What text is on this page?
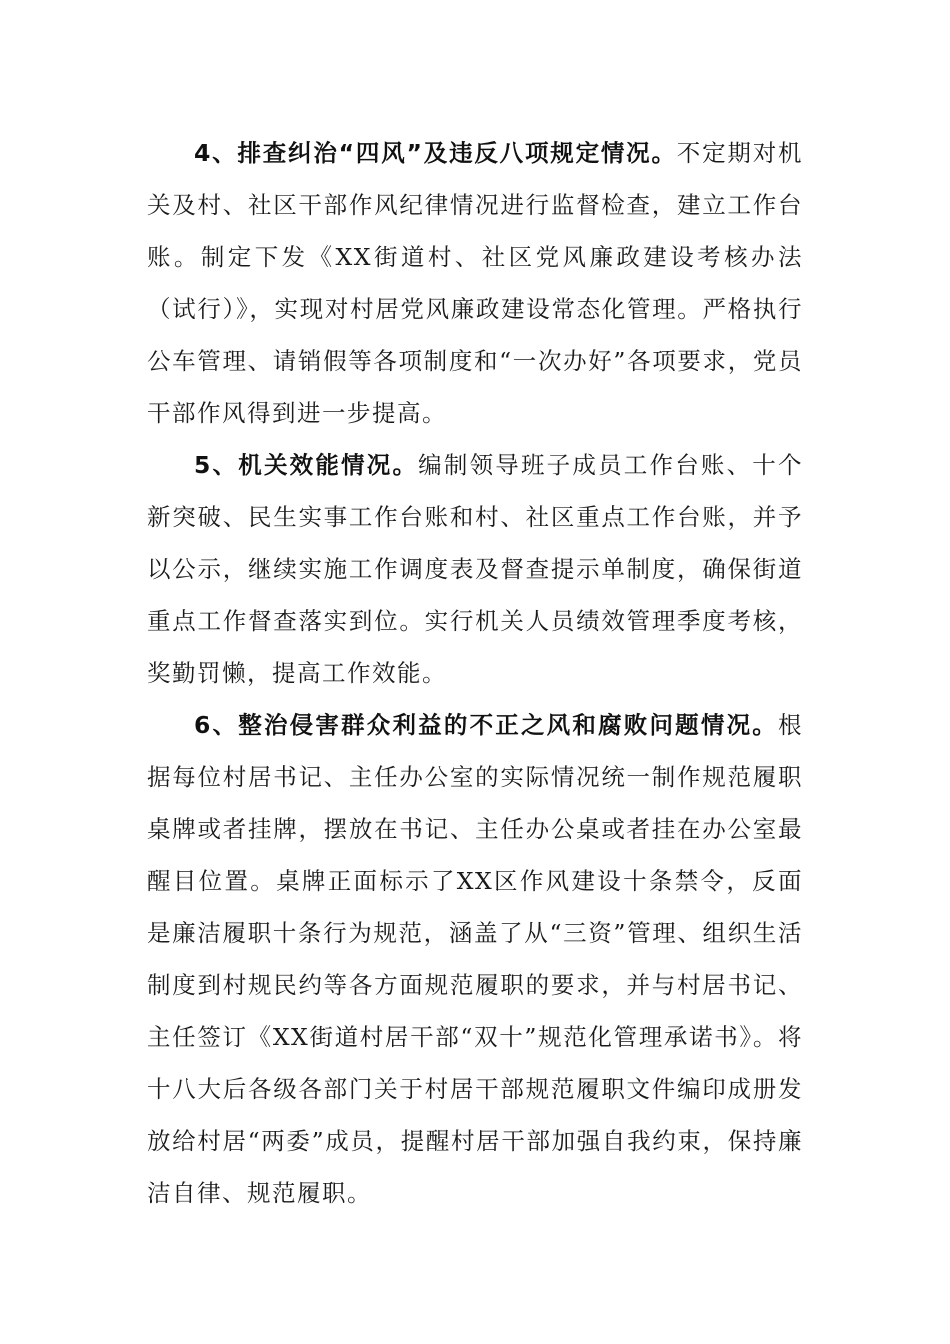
4、排查纠治“四风”及违反八项规定情况。不定期对机关及村、社区干部作风纪律情况进行监督检查，建立工作台账。制定下发《XX街道村、社区党风廉政建设考核办法（试行）》，实现对村居党风廉政建设常态化管理。严格执行公车管理、请销假等各项制度和“一次办好”各项要求，党员干部作风得到进一步提高。

5、机关效能情况。编制领导班子成员工作台账、十个新突破、民生实事工作台账和村、社区重点工作台账，并予以公示，继续实施工作调度表及督查提示单制度，确保街道重点工作督查落实到位。实行机关人员绩效管理季度考核，奖勤罚懒，提高工作效能。

6、整治侵害群众利益的不正之风和腐败问题情况。根据每位村居书记、主任办公室的实际情况统一制作规范履职桌牌或者挂牌，摆放在书记、主任办公桌或者挂在办公室最醒目位置。桌牌正面标示了XX区作风建设十条禁令，反面是廉洁履职十条行为规范，涵盖了从“三资”管理、组织生活制度到村规民约等各方面规范履职的要求，并与村居书记、主任签订《XX街道村居干部“双十”规范化管理承诺书》。将十八大后各级各部门关于村居干部规范履职文件编印成册发放给村居“两委”成员，提醒村居干部加强自我约束，保持廉洁自律、规范履职。
